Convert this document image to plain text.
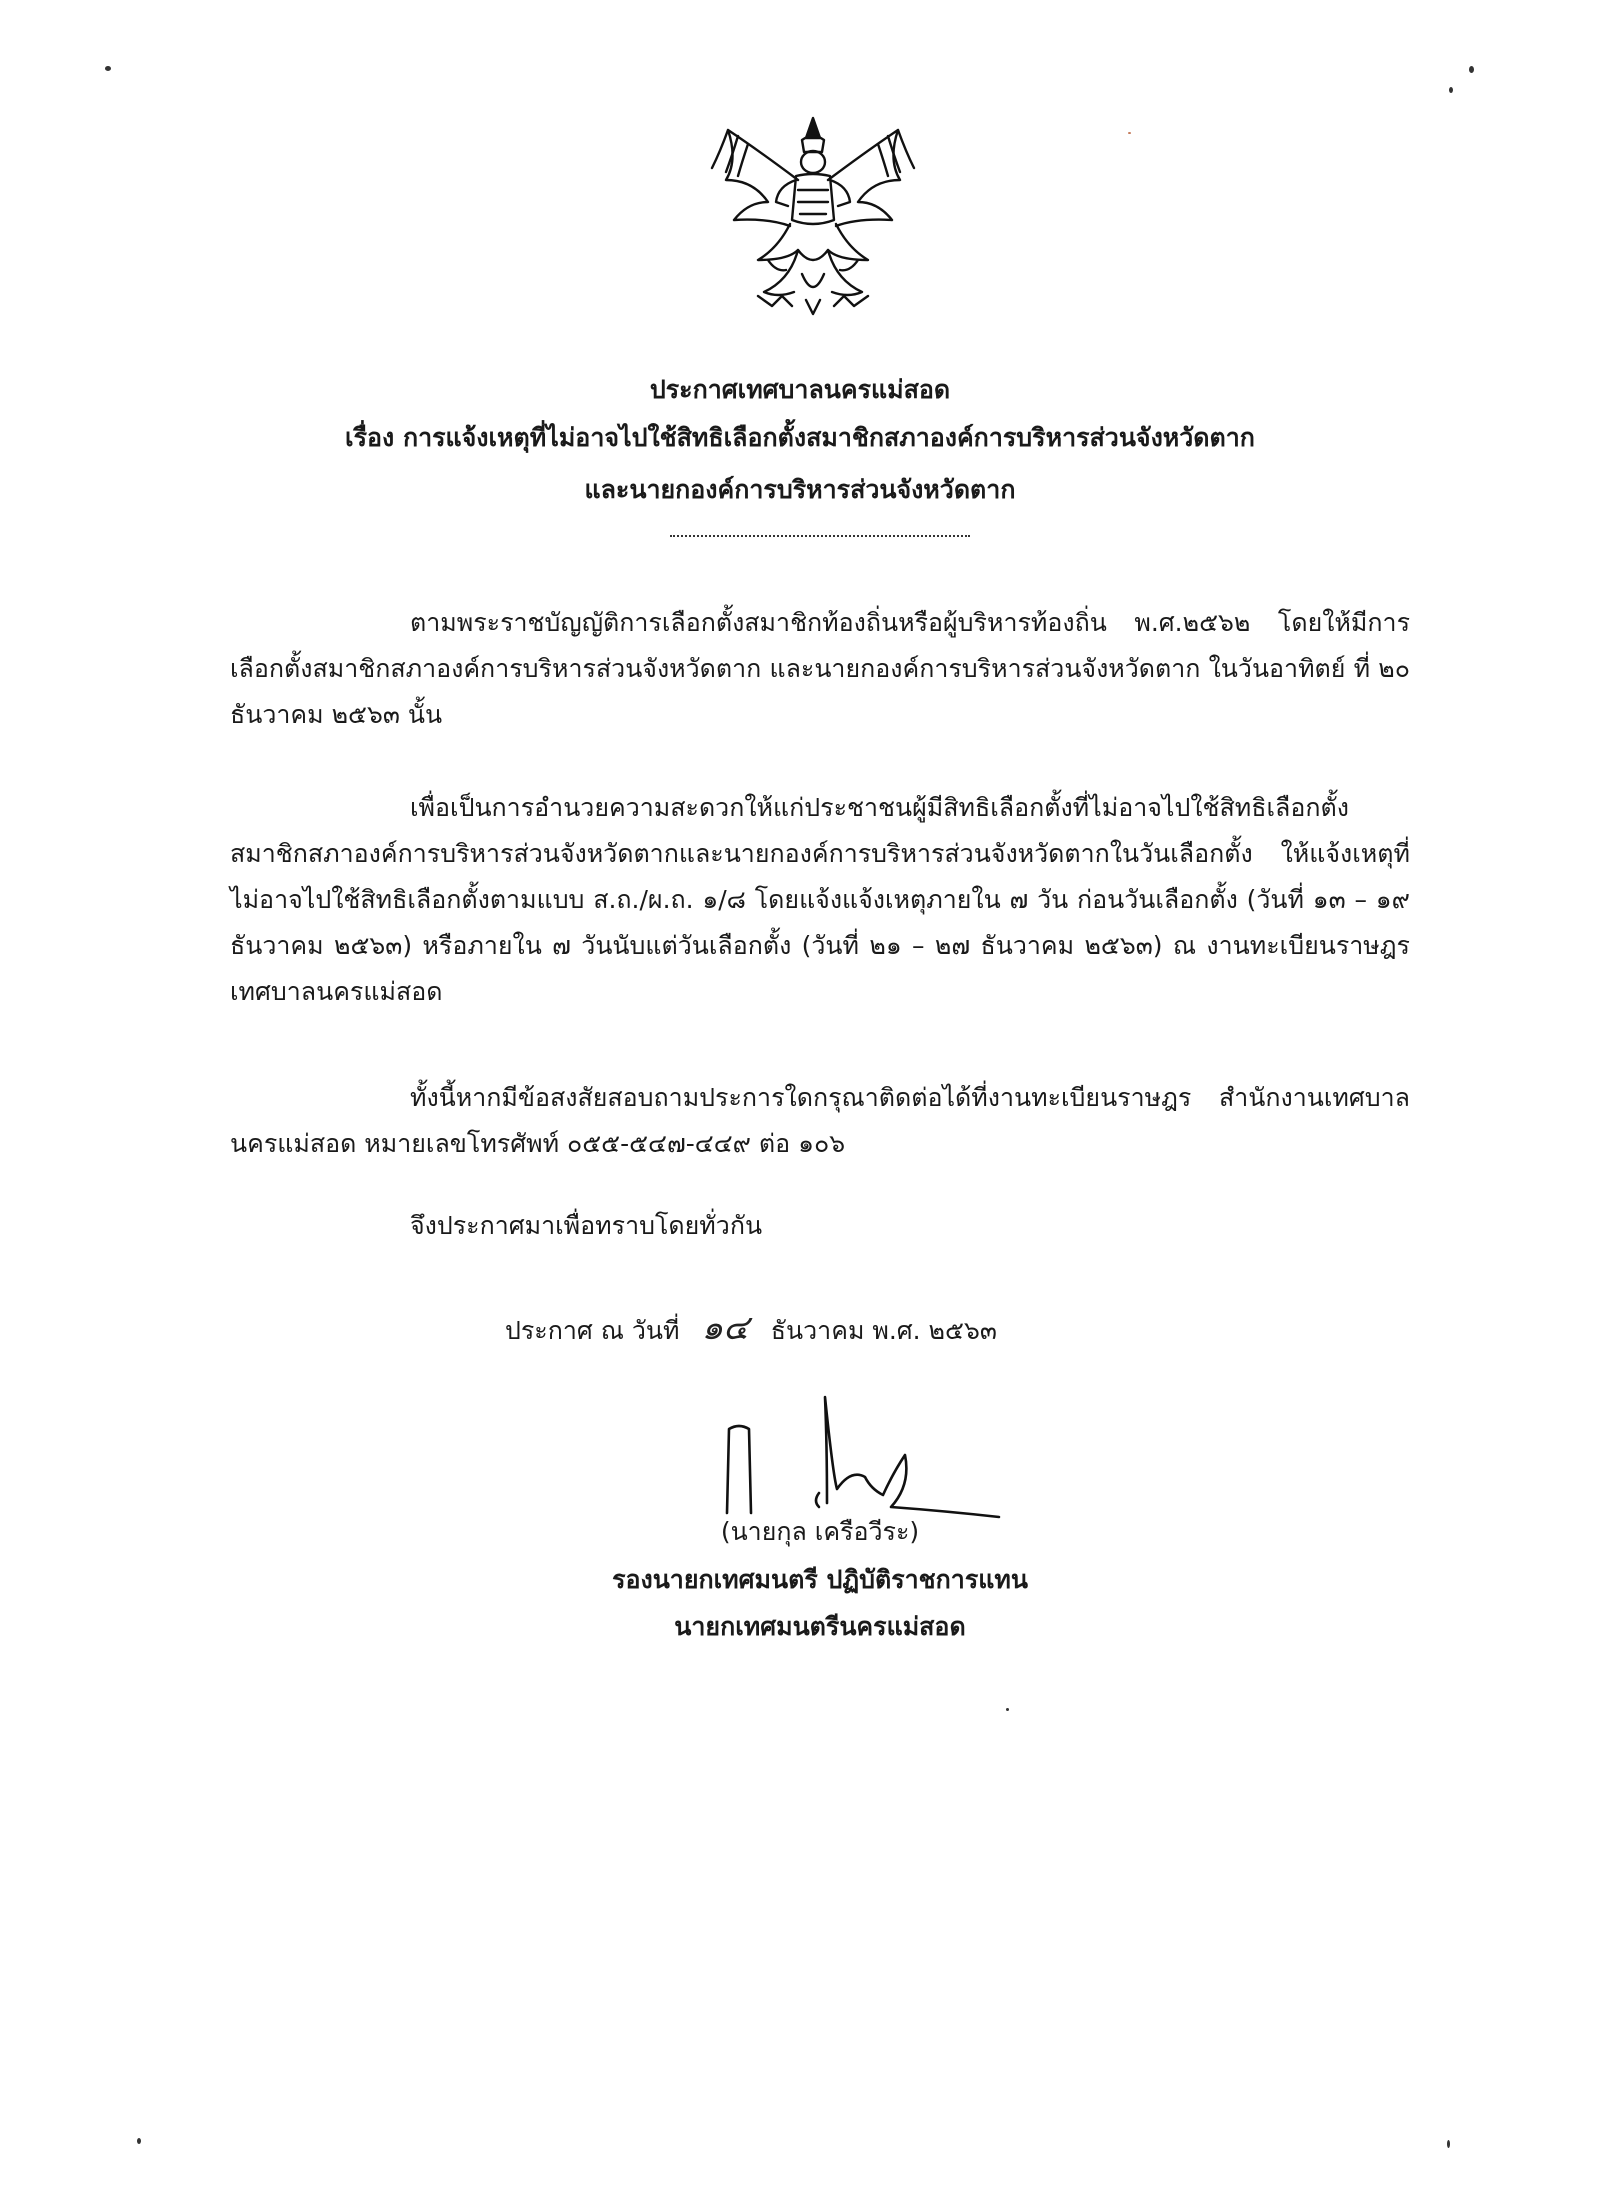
ประกาศเทศบาลนครแม่สอด
เรื่อง การแจ้งเหตุที่ไม่อาจไปใช้สิทธิเลือกตั้งสมาชิกสภาองค์การบริหารส่วนจังหวัดตาก
และนายกองค์การบริหารส่วนจังหวัดตาก
ตามพระราชบัญญัติการเลือกตั้งสมาชิกท้องถิ่นหรือผู้บริหารท้องถิ่น พ.ศ.๒๕๖๒ โดยให้มีการเลือกตั้งสมาชิกสภาองค์การบริหารส่วนจังหวัดตาก และนายกองค์การบริหารส่วนจังหวัดตาก ในวันอาทิตย์ ที่ ๒๐ ธันวาคม ๒๕๖๓ นั้น
เพื่อเป็นการอำนวยความสะดวกให้แก่ประชาชนผู้มีสิทธิเลือกตั้งที่ไม่อาจไปใช้สิทธิเลือกตั้งสมาชิกสภาองค์การบริหารส่วนจังหวัดตากและนายกองค์การบริหารส่วนจังหวัดตากในวันเลือกตั้ง ให้แจ้งเหตุที่ไม่อาจไปใช้สิทธิเลือกตั้งตามแบบ ส.ถ./ผ.ถ. ๑/๘ โดยแจ้งแจ้งเหตุภายใน ๗ วัน ก่อนวันเลือกตั้ง (วันที่ ๑๓ – ๑๙ ธันวาคม ๒๕๖๓) หรือภายใน ๗ วันนับแต่วันเลือกตั้ง (วันที่ ๒๑ – ๒๗ ธันวาคม ๒๕๖๓) ณ งานทะเบียนราษฎร เทศบาลนครแม่สอด
ทั้งนี้หากมีข้อสงสัยสอบถามประการใดกรุณาติดต่อได้ที่งานทะเบียนราษฎร สำนักงานเทศบาลนครแม่สอด หมายเลขโทรศัพท์ ๐๕๕-๕๔๗-๔๔๙ ต่อ ๑๐๖
จึงประกาศมาเพื่อทราบโดยทั่วกัน
ประกาศ ณ วันที่ ๑๔ ธันวาคม พ.ศ. ๒๕๖๓
(นายกุล เครือวีระ)
รองนายกเทศมนตรี ปฏิบัติราชการแทน
นายกเทศมนตรีนครแม่สอด
